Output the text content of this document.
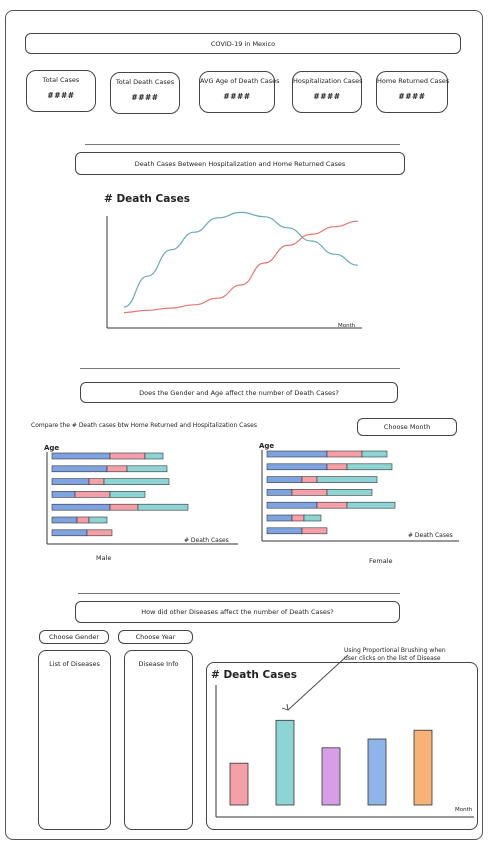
COVID-19 in Mexico
Total Cases
####
Total Death Cases
####
AVG Age of Death Cases
####
Hospitalization Cases
####
Home Returned Cases
####
Death Cases Between Hospitalization and Home Returned Cases
# Death Cases
Month
Does the Gender and Age affect the number of Death Cases?
Compare the # Death cases btw Home Returned and Hospitalization Cases	Choose Month
Age
# Death Cases
Age
# Death Cases
Male	Female
How did other Diseases affect the number of Death Cases?
Choose Gender	Choose Year
List of Diseases	Disease Info
Using Proportional Brushing when
user clicks on the list of Disease
# Death Cases
Month
